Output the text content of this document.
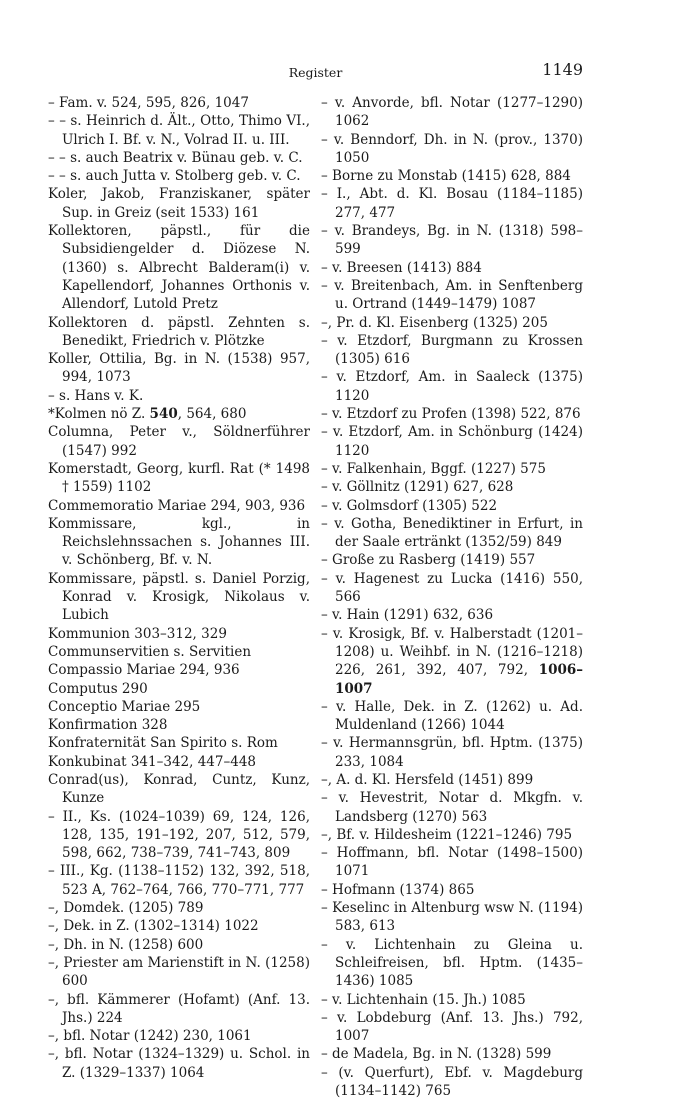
Register	1149
– Fam. v. 524, 595, 826, 1047
– – s. Heinrich d. Ält., Otto, Thimo VI., Ulrich I. Bf. v. N., Volrad II. u. III.
– – s. auch Beatrix v. Bünau geb. v. C.
– – s. auch Jutta v. Stolberg geb. v. C.
Koler, Jakob, Franziskaner, später Sup. in Greiz (seit 1533) 161
Kollektoren, päpstl., für die Subsidiengelder d. Diözese N. (1360) s. Albrecht Balderam(i) v. Kapellendorf, Johannes Orthonis v. Allendorf, Lutold Pretz
Kollektoren d. päpstl. Zehnten s. Benedikt, Friedrich v. Plötzke
Koller, Ottilia, Bg. in N. (1538) 957, 994, 1073
– s. Hans v. K.
*Kolmen nö Z. 540, 564, 680
Columna, Peter v., Söldnerführer (1547) 992
Komerstadt, Georg, kurfl. Rat (* 1498 † 1559) 1102
Commemoratio Mariae 294, 903, 936
Kommissare, kgl., in Reichslehnssachen s. Johannes III. v. Schönberg, Bf. v. N.
Kommissare, päpstl. s. Daniel Porzig, Konrad v. Krosigk, Nikolaus v. Lubich
Kommunion 303–312, 329
Communservitien s. Servitien
Compassio Mariae 294, 936
Computus 290
Conceptio Mariae 295
Konfirmation 328
Konfraternität San Spirito s. Rom
Konkubinat 341–342, 447–448
Conrad(us), Konrad, Cuntz, Kunz, Kunze
– II., Ks. (1024–1039) 69, 124, 126, 128, 135, 191–192, 207, 512, 579, 598, 662, 738–739, 741–743, 809
– III., Kg. (1138–1152) 132, 392, 518, 523 A, 762–764, 766, 770–771, 777
–, Domdek. (1205) 789
–, Dek. in Z. (1302–1314) 1022
–, Dh. in N. (1258) 600
–, Priester am Marienstift in N. (1258) 600
–, bfl. Kämmerer (Hofamt) (Anf. 13. Jhs.) 224
–, bfl. Notar (1242) 230, 1061
–, bfl. Notar (1324–1329) u. Schol. in Z. (1329–1337) 1064
– v. Anvorde, bfl. Notar (1277–1290) 1062
– v. Benndorf, Dh. in N. (prov., 1370) 1050
– Borne zu Monstab (1415) 628, 884
– I., Abt. d. Kl. Bosau (1184–1185) 277, 477
– v. Brandeys, Bg. in N. (1318) 598–599
– v. Breesen (1413) 884
– v. Breitenbach, Am. in Senftenberg u. Ortrand (1449–1479) 1087
–, Pr. d. Kl. Eisenberg (1325) 205
– v. Etzdorf, Burgmann zu Krossen (1305) 616
– v. Etzdorf, Am. in Saaleck (1375) 1120
– v. Etzdorf zu Profen (1398) 522, 876
– v. Etzdorf, Am. in Schönburg (1424) 1120
– v. Falkenhain, Bggf. (1227) 575
– v. Göllnitz (1291) 627, 628
– v. Golmsdorf (1305) 522
– v. Gotha, Benediktiner in Erfurt, in der Saale ertränkt (1352/59) 849
– Große zu Rasberg (1419) 557
– v. Hagenest zu Lucka (1416) 550, 566
– v. Hain (1291) 632, 636
– v. Krosigk, Bf. v. Halberstadt (1201–1208) u. Weihbf. in N. (1216–1218) 226, 261, 392, 407, 792, 1006–1007
– v. Halle, Dek. in Z. (1262) u. Ad. Muldenland (1266) 1044
– v. Hermannsgrün, bfl. Hptm. (1375) 233, 1084
–, A. d. Kl. Hersfeld (1451) 899
– v. Hevestrit, Notar d. Mkgfn. v. Landsberg (1270) 563
–, Bf. v. Hildesheim (1221–1246) 795
– Hoffmann, bfl. Notar (1498–1500) 1071
– Hofmann (1374) 865
– Keselinc in Altenburg wsw N. (1194) 583, 613
– v. Lichtenhain zu Gleina u. Schleifreisen, bfl. Hptm. (1435–1436) 1085
– v. Lichtenhain (15. Jh.) 1085
– v. Lobdeburg (Anf. 13. Jhs.) 792, 1007
– de Madela, Bg. in N. (1328) 599
– (v. Querfurt), Ebf. v. Magdeburg (1134–1142) 765
